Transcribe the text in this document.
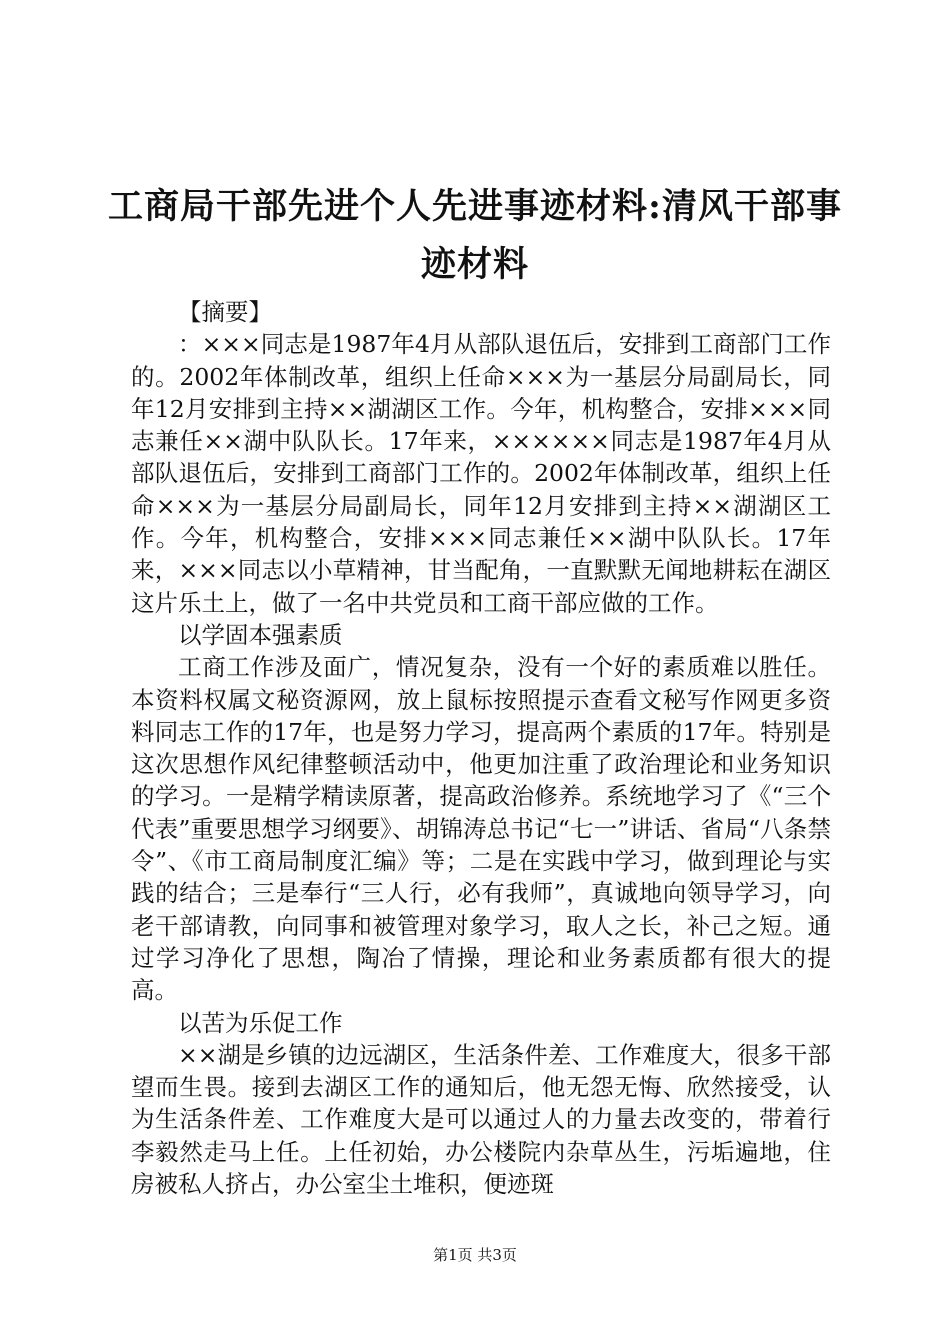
工商局干部先进个人先进事迹材料:清风干部事迹材料

【摘要】

：×××同志是1987年4月从部队退伍后，安排到工商部门工作的。2002年体制改革，组织上任命×××为一基层分局副局长，同年12月安排到主持××湖湖区工作。今年，机构整合，安排×××同志兼任××湖中队队长。17年来，××××××同志是1987年4月从部队退伍后，安排到工商部门工作的。2002年体制改革，组织上任命×××为一基层分局副局长，同年12月安排到主持××湖湖区工作。今年，机构整合，安排×××同志兼任××湖中队队长。17年来，×××同志以小草精神，甘当配角，一直默默无闻地耕耘在湖区这片乐土上，做了一名中共党员和工商干部应做的工作。

以学固本强素质

工商工作涉及面广，情况复杂，没有一个好的素质难以胜任。本资料权属文秘资源网，放上鼠标按照提示查看文秘写作网更多资料同志工作的17年，也是努力学习，提高两个素质的17年。特别是这次思想作风纪律整顿活动中，他更加注重了政治理论和业务知识的学习。一是精学精读原著，提高政治修养。系统地学习了《“三个代表”重要思想学习纲要》、胡锦涛总书记“七一”讲话、省局“八条禁令”、《市工商局制度汇编》等；二是在实践中学习，做到理论与实践的结合；三是奉行“三人行，必有我师”，真诚地向领导学习，向老干部请教，向同事和被管理对象学习，取人之长，补己之短。通过学习净化了思想，陶冶了情操，理论和业务素质都有很大的提高。

以苦为乐促工作

××湖是乡镇的边远湖区，生活条件差、工作难度大，很多干部望而生畏。接到去湖区工作的通知后，他无怨无悔、欣然接受，认为生活条件差、工作难度大是可以通过人的力量去改变的，带着行李毅然走马上任。上任初始，办公楼院内杂草丛生，污垢遍地，住房被私人挤占，办公室尘土堆积，便迹斑

第1页 共3页
